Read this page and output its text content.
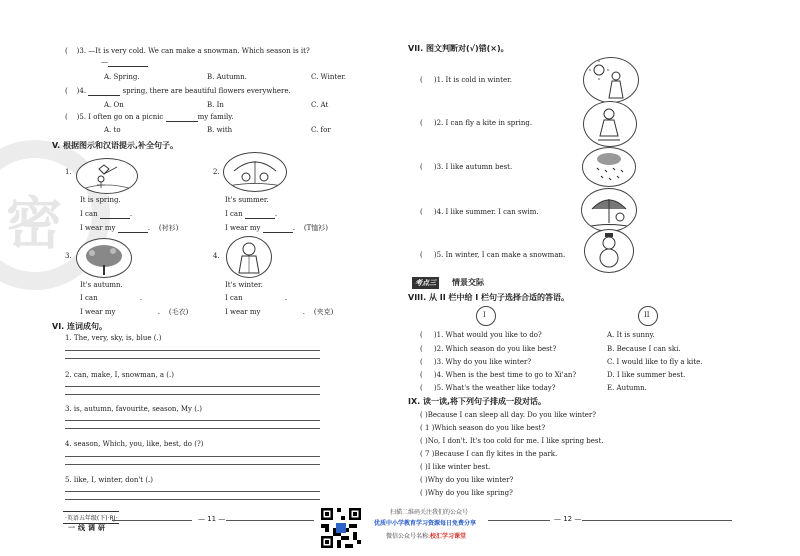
密
( )3. —It is very cold. We can make a snowman. Which season is it?
—
A. Spring.	B. Autumn.	C. Winter.
( )4.	spring, there are beautiful flowers everywhere.
A. On	B. In	C. At
( )5. I often go on a picnic	my family.
A. to	B. with	C. for
V. 根据图示和汉语提示,补全句子。
1.
It is spring.
I can	.
I wear my	.    (衬衫)
2.
It's summer.
I can	.
I wear my	.    (T恤衫)
3.
It's autumn.
I can	.
I wear my	.    (毛衣)
4.
It's winter.
I can	.
I wear my	.    (夹克)
VI. 连词成句。
1. The, very, sky, is, blue (.)
2. can, make, I, snowman, a (.)
3. is, autumn, favourite, season, My (.)
4. season, Which, you, like, best, do (?)
5. like, I, winter, don't (.)
VII. 图文判断对(√)错(×)。
( )1. It is cold in winter.
( )2. I can fly a kite in spring.
( )3. I like autumn best.
( )4. I like summer. I can swim.
( )5. In winter, I can make a snowman.
考点三	情景交际
VIII. 从 II 栏中给 I 栏句子选择合适的答语。
I	II
( )1. What would you like to do?	A. It is sunny.
( )2. Which season do you like best?	B. Because I can ski.
( )3. Why do you like winter?	C. I would like to fly a kite.
( )4. When is the best time to go to Xi'an?	D. I like summer best.
( )5. What's the weather like today?	E. Autumn.
IX. 读一读,将下列句子排成一段对话。
( )Because I can sleep all day. Do you like winter?
( 1 )Which season do you like best?
( )No, I don't. It's too cold for me. I like spring best.
( 7 )Because I can fly kites in the park.
( )I like winter best.
( )Why do you like winter?
( )Why do you like spring?
·英语五年级(下)·RJ·
一线调研
— 11 —
扫描二维码关注我们的公众号
优质中小学教育学习资源每日免费分享
微信公众号名称:校汇学习课堂
— 12 —
